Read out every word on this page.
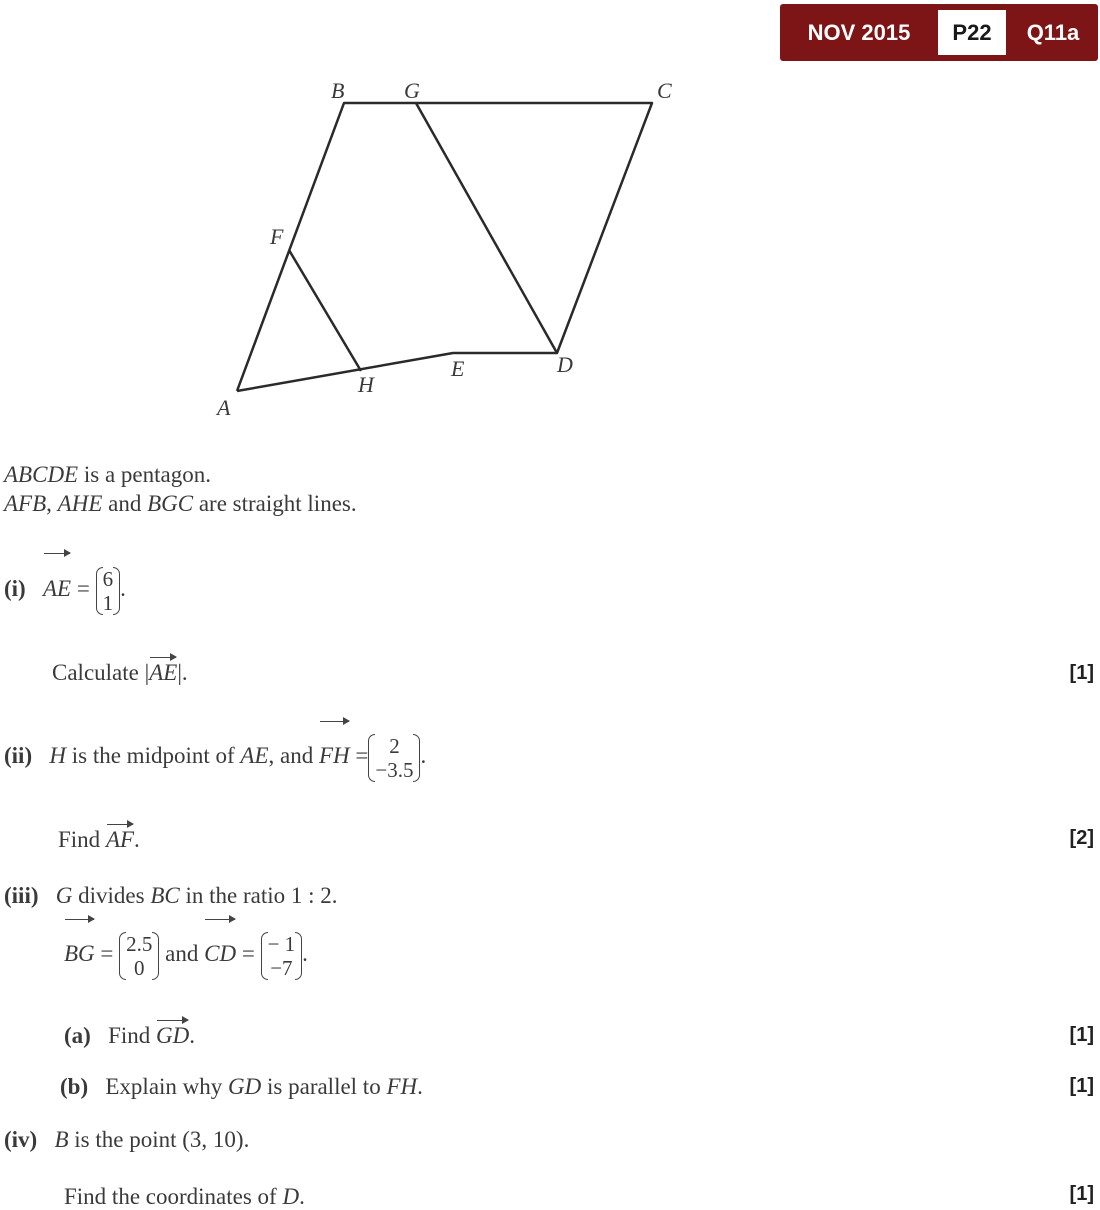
NOV 2015	P22	Q11a
B	G	C
F
E	D
H
A
ABCDE is a pentagon.
AFB, AHE and BGC are straight lines.
(i) AE = 6
1
.
Calculate |AE|.	[1]
(ii) H is the midpoint of AE, and FH = 2
−3.5
.
Find AF.	[2]
(iii) G divides BC in the ratio 1 : 2.
BG = 2.5
0
and CD = − 1
−7
.
(a) Find GD.	[1]
(b) Explain why GD is parallel to FH.	[1]
(iv) B is the point (3, 10).
Find the coordinates of D.	[1]
